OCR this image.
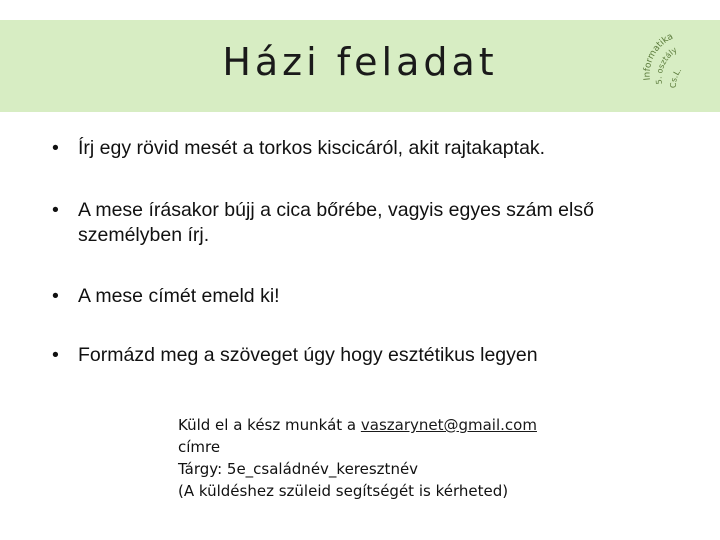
Házi feladat	Informatika
5. osztály
Cs.L.
• Írj egy rövid mesét a torkos kiscicáról, akit rajtakaptak.
• A mese írásakor bújj a cica bőrébe, vagyis egyes szám első személyben írj.
• A mese címét emeld ki!
• Formázd meg a szöveget úgy hogy esztétikus legyen
Küld el a kész munkát a vaszarynet@gmail.com
címre
Tárgy: 5e_családnév_keresztnév
(A küldéshez szüleid segítségét is kérheted)
